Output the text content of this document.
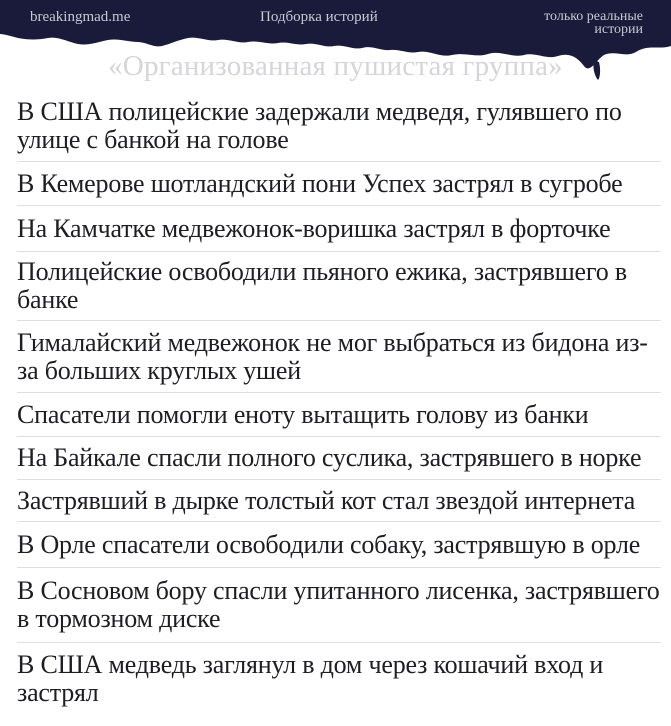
breakingmad.me	Подборка историй	только реальные истории
«Организованная пушистая группа»
В США полицейские задержали медведя, гулявшего по улице с банкой на голове
В Кемерове шотландский пони Успех застрял в сугробе
На Камчатке медвежонок-воришка застрял в форточке
Полицейские освободили пьяного ежика, застрявшего в банке
Гималайский медвежонок не мог выбраться из бидона из-за больших круглых ушей
Спасатели помогли еноту вытащить голову из банки
На Байкале спасли полного суслика, застрявшего в норке
Застрявший в дырке толстый кот стал звездой интернета
В Орле спасатели освободили собаку, застрявшую в орле
В Сосновом бору спасли упитанного лисенка, застрявшего в тормозном диске
В США медведь заглянул в дом через кошачий вход и застрял
